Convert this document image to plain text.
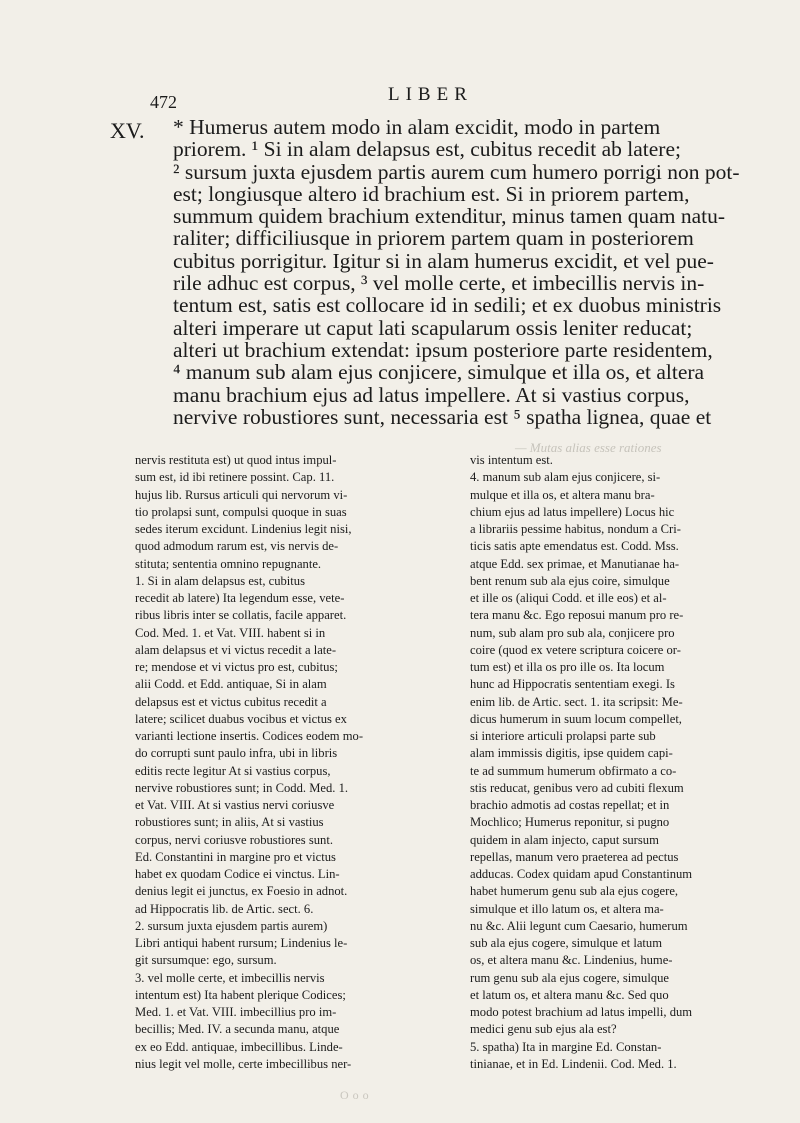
472	LIBER
XV. * Humerus autem modo in alam excidit, modo in partem
priorem. ¹ Si in alam delapsus est, cubitus recedit ab latere;
² sursum juxta ejusdem partis aurem cum humero porrigi non pot-
est; longiusque altero id brachium est. Si in priorem partem,
summum quidem brachium extenditur, minus tamen quam natu-
raliter; difficiliusque in priorem partem quam in posteriorem
cubitus porrigitur. Igitur si in alam humerus excidit, et vel pue-
rile adhuc est corpus, ³ vel molle certe, et imbecillis nervis in-
tentum est, satis est collocare id in sedili; et ex duobus ministris
alteri imperare ut caput lati scapularum ossis leniter reducat;
alteri ut brachium extendat: ipsum posteriore parte residentem,
⁴ manum sub alam ejus conjicere, simulque et illa os, et altera
manu brachium ejus ad latus impellere. At si vastius corpus,
nervive robustiores sunt, necessaria est ⁵ spatha lignea, quae et
— Mutas alias esse rationes
nervis restituta est) ut quod intus impul-
sum est, id ibi retinere possint. Cap. 11.
hujus lib. Rursus articuli qui nervorum vi-
tio prolapsi sunt, compulsi quoque in suas
sedes iterum excidunt. Lindenius legit nisi,
quod admodum rarum est, vis nervis de-
stituta; sententia omnino repugnante.
1. Si in alam delapsus est, cubitus
recedit ab latere) Ita legendum esse, vete-
ribus libris inter se collatis, facile apparet.
Cod. Med. 1. et Vat. VIII. habent si in
alam delapsus et vi victus recedit a late-
re; mendose et vi victus pro est, cubitus;
alii Codd. et Edd. antiquae, Si in alam
delapsus est et victus cubitus recedit a
latere; scilicet duabus vocibus et victus ex
varianti lectione insertis. Codices eodem mo-
do corrupti sunt paulo infra, ubi in libris
editis recte legitur At si vastius corpus,
nervive robustiores sunt; in Codd. Med. 1.
et Vat. VIII. At si vastius nervi coriusve
robustiores sunt; in aliis, At si vastius
corpus, nervi coriusve robustiores sunt.
Ed. Constantini in margine pro et victus
habet ex quodam Codice ei vinctus. Lin-
denius legit ei junctus, ex Foesio in adnot.
ad Hippocratis lib. de Artic. sect. 6.
2. sursum juxta ejusdem partis aurem)
Libri antiqui habent rursum; Lindenius le-
git sursumque: ego, sursum.
3. vel molle certe, et imbecillis nervis
intentum est) Ita habent plerique Codices;
Med. 1. et Vat. VIII. imbecillius pro im-
becillis; Med. IV. a secunda manu, atque
ex eo Edd. antiquae, imbecillibus. Linde-
nius legit vel molle, certe imbecillibus ner-
vis intentum est.
4. manum sub alam ejus conjicere, si-
mulque et illa os, et altera manu bra-
chium ejus ad latus impellere) Locus hic
a librariis pessime habitus, nondum a Cri-
ticis satis apte emendatus est. Codd. Mss.
atque Edd. sex primae, et Manutianae ha-
bent renum sub ala ejus coire, simulque
et ille os (aliqui Codd. et ille eos) et al-
tera manu &c. Ego reposui manum pro re-
num, sub alam pro sub ala, conjicere pro
coire (quod ex vetere scriptura coicere or-
tum est) et illa os pro ille os. Ita locum
hunc ad Hippocratis sententiam exegi. Is
enim lib. de Artic. sect. 1. ita scripsit: Me-
dicus humerum in suum locum compellet,
si interiore articuli prolapsi parte sub
alam immissis digitis, ipse quidem capi-
te ad summum humerum obfirmato a co-
stis reducat, genibus vero ad cubiti flexum
brachio admotis ad costas repellat; et in
Mochlico; Humerus reponitur, si pugno
quidem in alam injecto, caput sursum
repellas, manum vero praeterea ad pectus
adducas. Codex quidam apud Constantinum
habet humerum genu sub ala ejus cogere,
simulque et illo latum os, et altera ma-
nu &c. Alii legunt cum Caesario, humerum
sub ala ejus cogere, simulque et latum
os, et altera manu &c. Lindenius, hume-
rum genu sub ala ejus cogere, simulque
et latum os, et altera manu &c. Sed quo
modo potest brachium ad latus impelli, dum
medici genu sub ejus ala est?
5. spatha) Ita in margine Ed. Constan-
tinianae, et in Ed. Lindenii. Cod. Med. 1.
Ooo
